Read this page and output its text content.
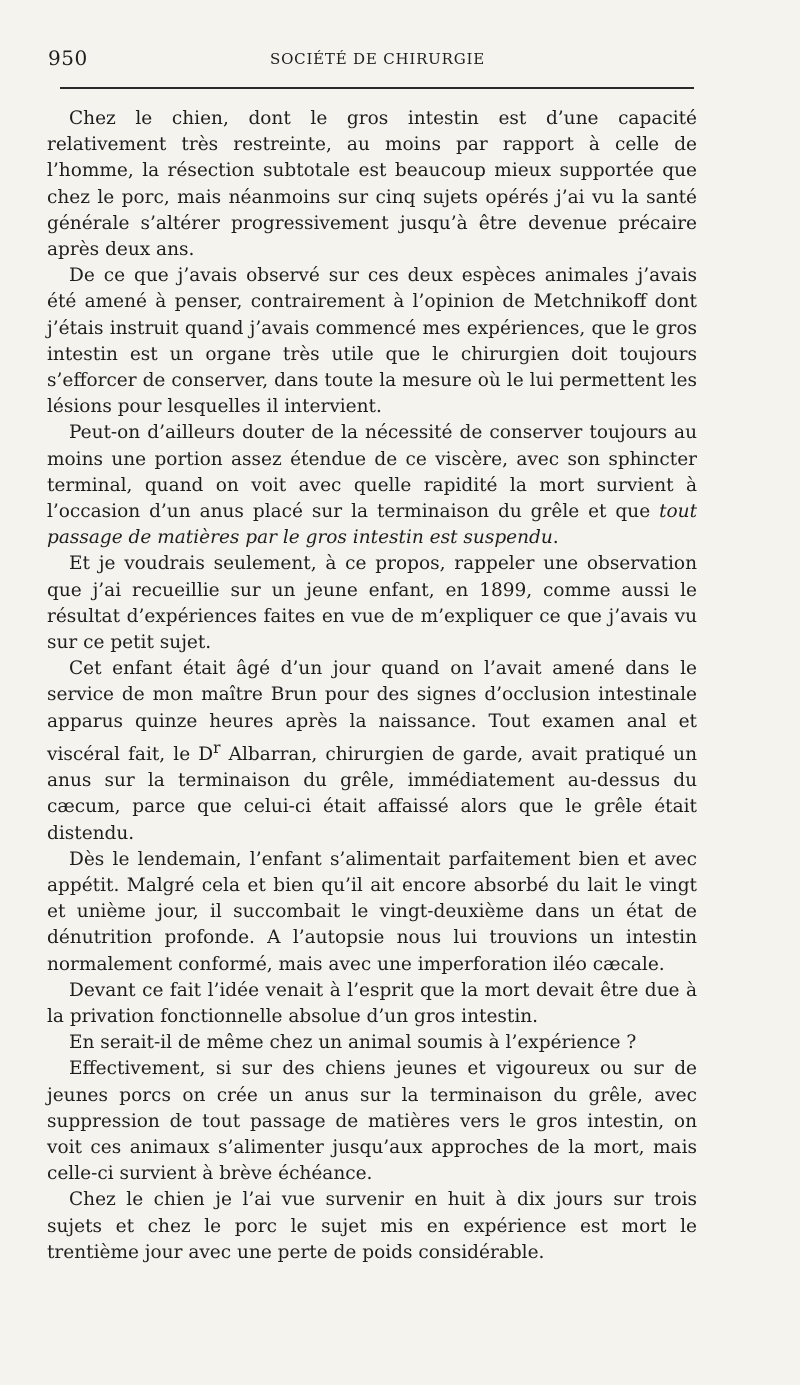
950	SOCIÉTÉ DE CHIRURGIE

Chez le chien, dont le gros intestin est d’une capacité relativement très restreinte, au moins par rapport à celle de l’homme, la résection subtotale est beaucoup mieux supportée que chez le porc, mais néanmoins sur cinq sujets opérés j’ai vu la santé générale s’altérer progressivement jusqu’à être devenue précaire après deux ans.

De ce que j’avais observé sur ces deux espèces animales j’avais été amené à penser, contrairement à l’opinion de Metchnikoff dont j’étais instruit quand j’avais commencé mes expériences, que le gros intestin est un organe très utile que le chirurgien doit toujours s’efforcer de conserver, dans toute la mesure où le lui permettent les lésions pour lesquelles il intervient.

Peut-on d’ailleurs douter de la nécessité de conserver toujours au moins une portion assez étendue de ce viscère, avec son sphincter terminal, quand on voit avec quelle rapidité la mort survient à l’occasion d’un anus placé sur la terminaison du grêle et que tout passage de matières par le gros intestin est suspendu.

Et je voudrais seulement, à ce propos, rappeler une observation que j’ai recueillie sur un jeune enfant, en 1899, comme aussi le résultat d’expériences faites en vue de m’expliquer ce que j’avais vu sur ce petit sujet.

Cet enfant était âgé d’un jour quand on l’avait amené dans le service de mon maître Brun pour des signes d’occlusion intestinale apparus quinze heures après la naissance. Tout examen anal et viscéral fait, le $D^r$ Albarran, chirurgien de garde, avait pratiqué un anus sur la terminaison du grêle, immédiatement au-dessus du cæcum, parce que celui-ci était affaissé alors que le grêle était distendu.

Dès le lendemain, l’enfant s’alimentait parfaitement bien et avec appétit. Malgré cela et bien qu’il ait encore absorbé du lait le vingt et unième jour, il succombait le vingt-deuxième dans un état de dénutrition profonde. A l’autopsie nous lui trouvions un intestin normalement conformé, mais avec une imperforation iléo cæcale.

Devant ce fait l’idée venait à l’esprit que la mort devait être due à la privation fonctionnelle absolue d’un gros intestin.

En serait-il de même chez un animal soumis à l’expérience ?

Effectivement, si sur des chiens jeunes et vigoureux ou sur de jeunes porcs on crée un anus sur la terminaison du grêle, avec suppression de tout passage de matières vers le gros intestin, on voit ces animaux s’alimenter jusqu’aux approches de la mort, mais celle-ci survient à brève échéance.

Chez le chien je l’ai vue survenir en huit à dix jours sur trois sujets et chez le porc le sujet mis en expérience est mort le trentième jour avec une perte de poids considérable.
